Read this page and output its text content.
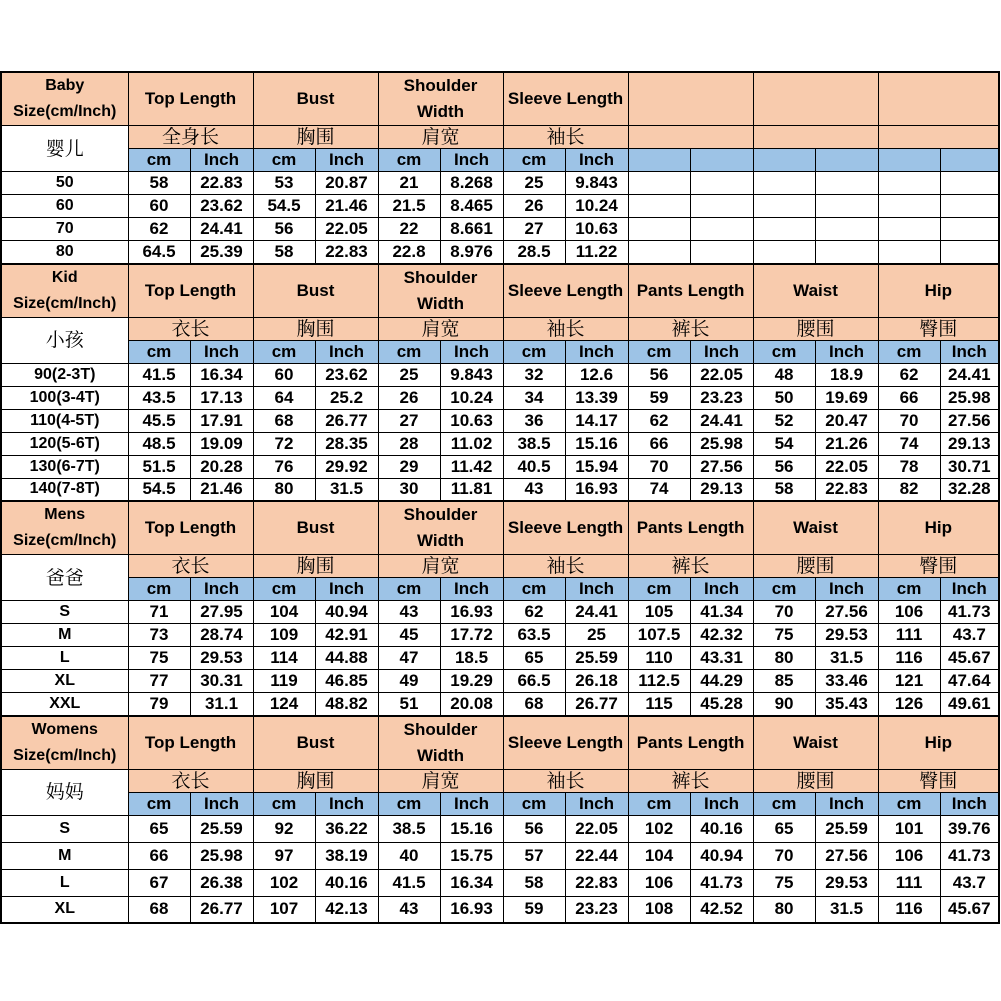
Baby Size(cm/Inch)	Top Length		Bust		Shoulder Width		Sleeve Length							
婴儿	全身长		胸围		肩宽		袖长							
	cm	Inch	cm	Inch	cm	Inch	cm	Inch						
50	58	22.83	53	20.87	21	8.268	25	9.843						
60	60	23.62	54.5	21.46	21.5	8.465	26	10.24						
70	62	24.41	56	22.05	22	8.661	27	10.63						
80	64.5	25.39	58	22.83	22.8	8.976	28.5	11.22						
Kid Size(cm/Inch)	Top Length		Bust		Shoulder Width		Sleeve Length		Pants Length		Waist		Hip	
小孩	衣长		胸围		肩宽		袖长		裤长		腰围		臀围	
	cm	Inch	cm	Inch	cm	Inch	cm	Inch	cm	Inch	cm	Inch	cm	Inch
90(2-3T)	41.5	16.34	60	23.62	25	9.843	32	12.6	56	22.05	48	18.9	62	24.41
100(3-4T)	43.5	17.13	64	25.2	26	10.24	34	13.39	59	23.23	50	19.69	66	25.98
110(4-5T)	45.5	17.91	68	26.77	27	10.63	36	14.17	62	24.41	52	20.47	70	27.56
120(5-6T)	48.5	19.09	72	28.35	28	11.02	38.5	15.16	66	25.98	54	21.26	74	29.13
130(6-7T)	51.5	20.28	76	29.92	29	11.42	40.5	15.94	70	27.56	56	22.05	78	30.71
140(7-8T)	54.5	21.46	80	31.5	30	11.81	43	16.93	74	29.13	58	22.83	82	32.28
Mens Size(cm/Inch)	Top Length		Bust		Shoulder Width		Sleeve Length		Pants Length		Waist		Hip	
爸爸	衣长		胸围		肩宽		袖长		裤长		腰围		臀围	
	cm	Inch	cm	Inch	cm	Inch	cm	Inch	cm	Inch	cm	Inch	cm	Inch
S	71	27.95	104	40.94	43	16.93	62	24.41	105	41.34	70	27.56	106	41.73
M	73	28.74	109	42.91	45	17.72	63.5	25	107.5	42.32	75	29.53	111	43.7
L	75	29.53	114	44.88	47	18.5	65	25.59	110	43.31	80	31.5	116	45.67
XL	77	30.31	119	46.85	49	19.29	66.5	26.18	112.5	44.29	85	33.46	121	47.64
XXL	79	31.1	124	48.82	51	20.08	68	26.77	115	45.28	90	35.43	126	49.61
Womens Size(cm/Inch)	Top Length		Bust		Shoulder Width		Sleeve Length		Pants Length		Waist		Hip	
妈妈	衣长		胸围		肩宽		袖长		裤长		腰围		臀围	
	cm	Inch	cm	Inch	cm	Inch	cm	Inch	cm	Inch	cm	Inch	cm	Inch
S	65	25.59	92	36.22	38.5	15.16	56	22.05	102	40.16	65	25.59	101	39.76
M	66	25.98	97	38.19	40	15.75	57	22.44	104	40.94	70	27.56	106	41.73
L	67	26.38	102	40.16	41.5	16.34	58	22.83	106	41.73	75	29.53	111	43.7
XL	68	26.77	107	42.13	43	16.93	59	23.23	108	42.52	80	31.5	116	45.67
